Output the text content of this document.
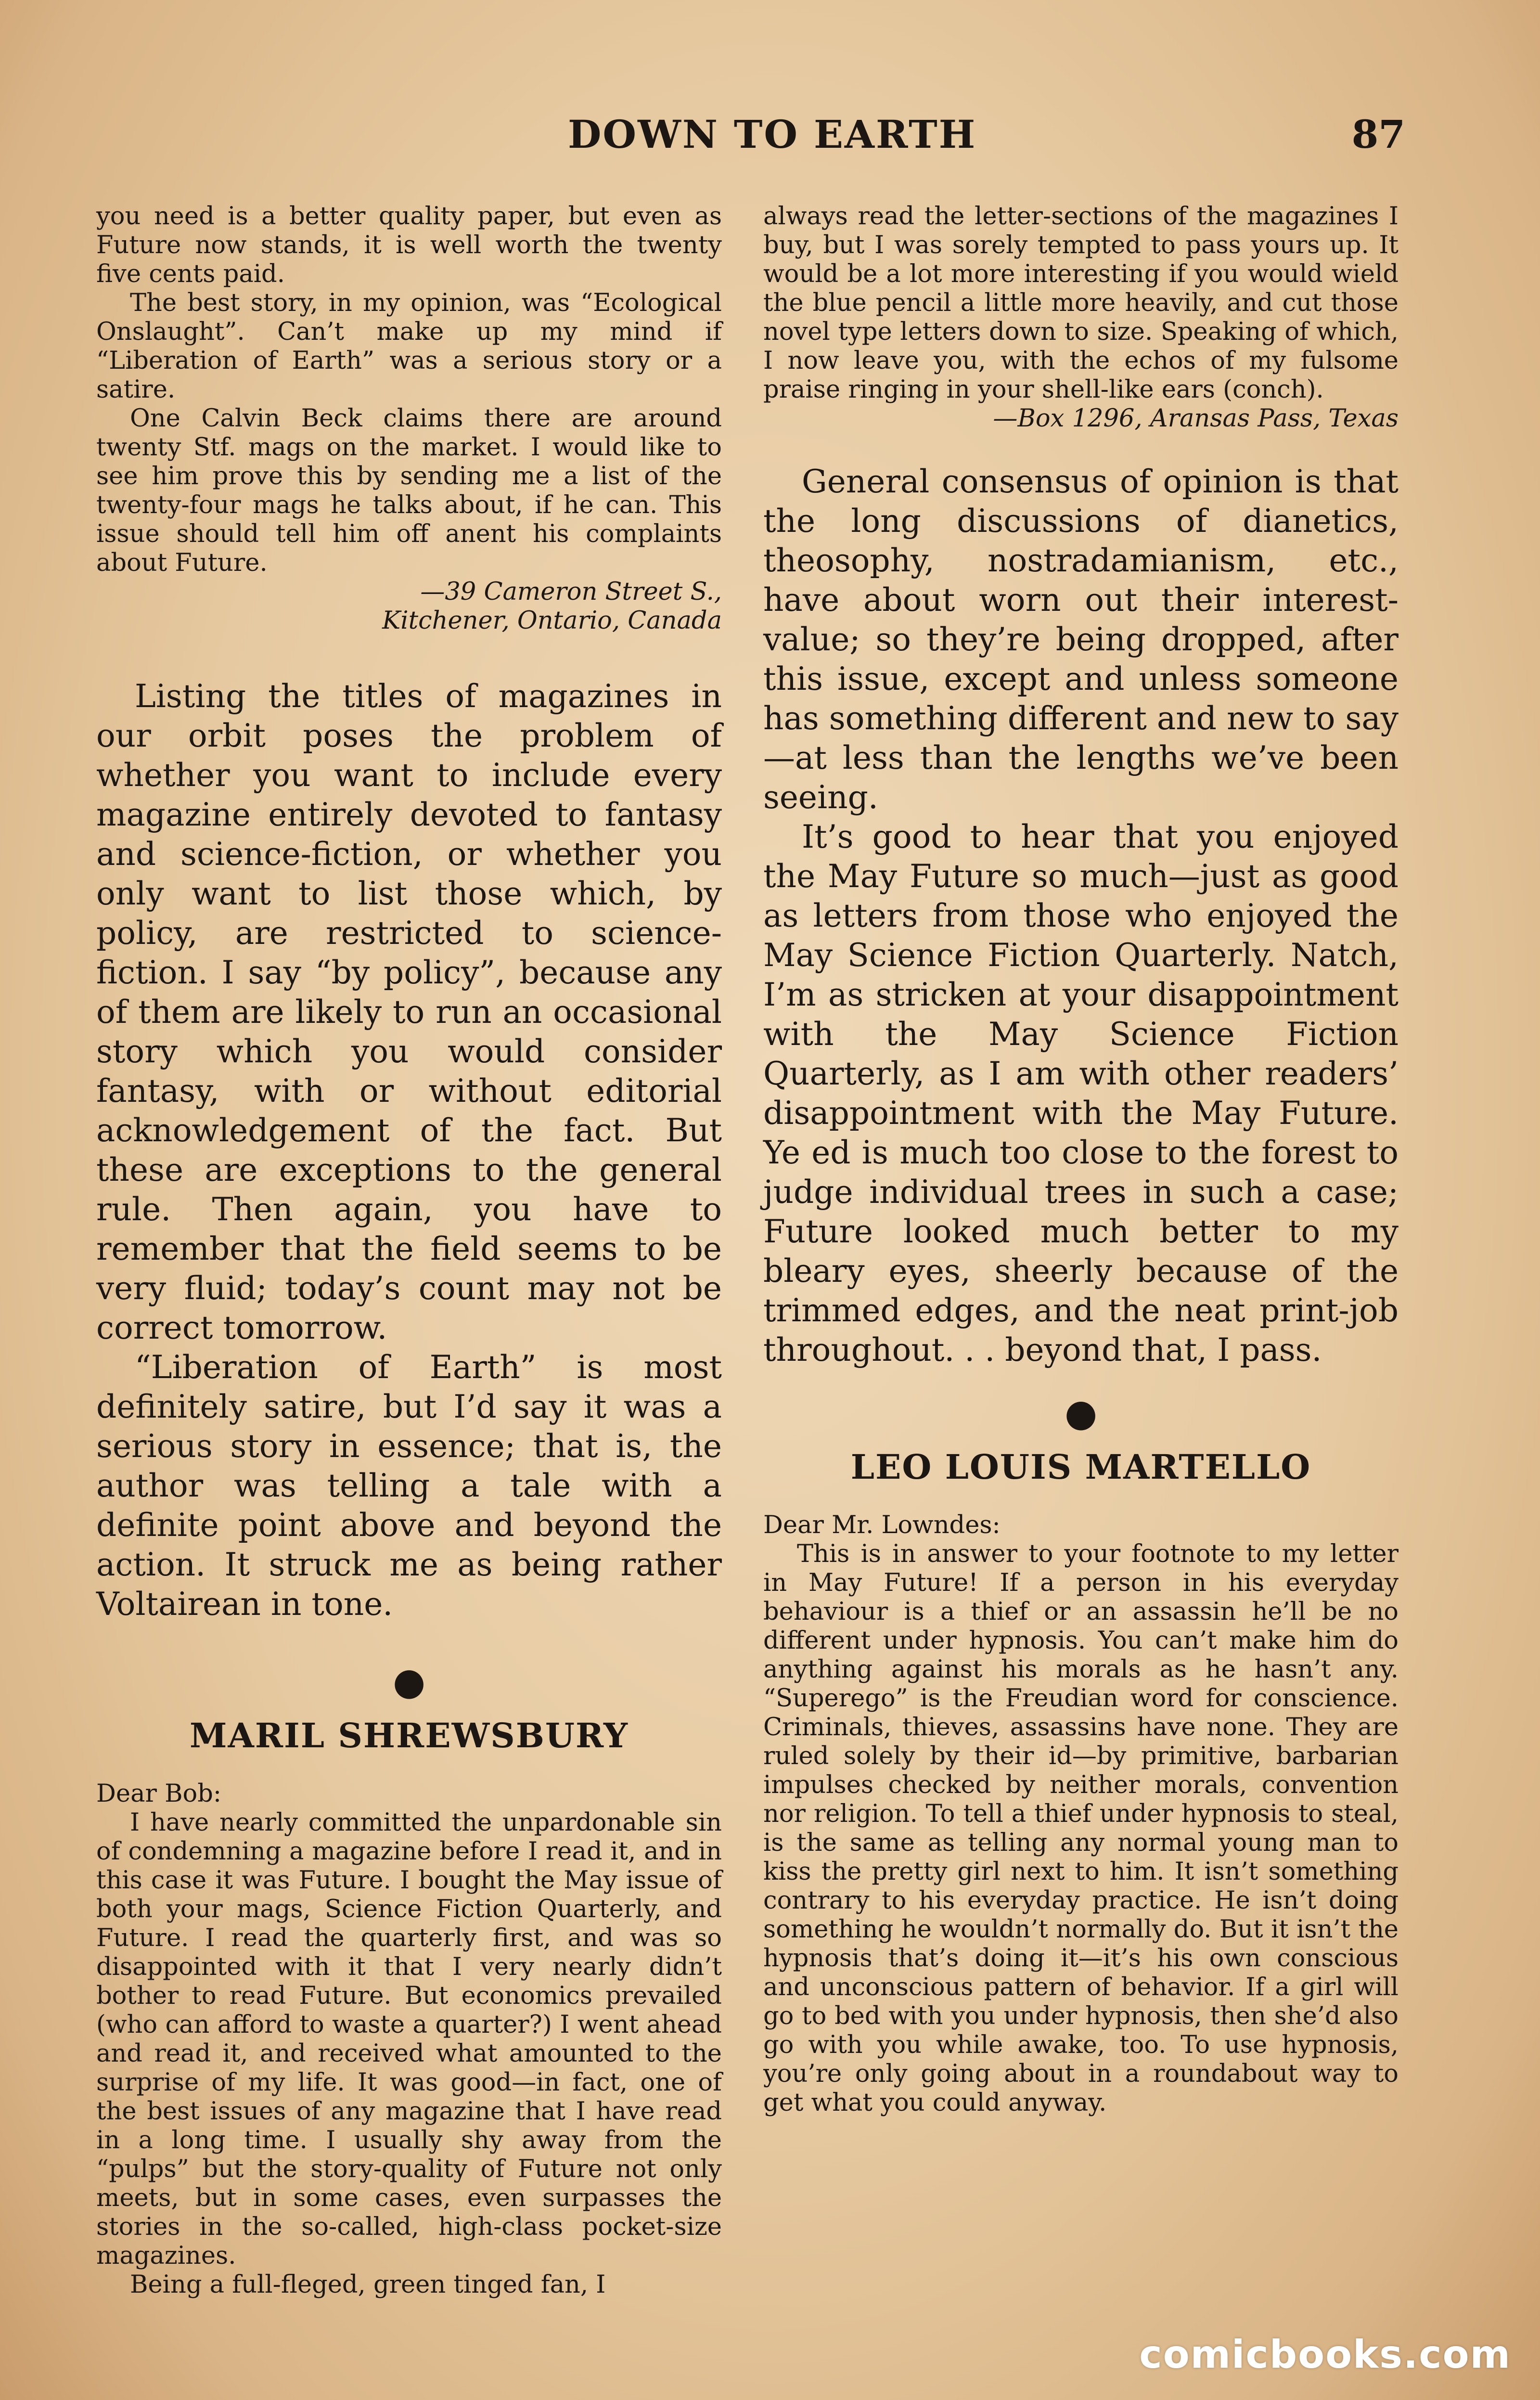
DOWN TO EARTH	87

you need is a better quality paper, but even as Future now stands, it is well worth the twenty five cents paid.

The best story, in my opinion, was “Ecological Onslaught”. Can’t make up my mind if “Liberation of Earth” was a serious story or a satire.

One Calvin Beck claims there are around twenty Stf. mags on the market. I would like to see him prove this by sending me a list of the twenty-four mags he talks about, if he can. This issue should tell him off anent his complaints about Future.

—39 Cameron Street S.,
Kitchener, Ontario, Canada

Listing the titles of magazines in our orbit poses the problem of whether you want to include every magazine entirely devoted to fantasy and science-fiction, or whether you only want to list those which, by policy, are restricted to science-fiction. I say “by policy”, because any of them are likely to run an occasional story which you would consider fantasy, with or without editorial acknowledgement of the fact. But these are exceptions to the general rule. Then again, you have to remember that the field seems to be very fluid; today’s count may not be correct tomorrow.

“Liberation of Earth” is most definitely satire, but I’d say it was a serious story in essence; that is, the author was telling a tale with a definite point above and beyond the action. It struck me as being rather Voltairean in tone.

●
MARIL SHREWSBURY

Dear Bob:

I have nearly committed the unpardonable sin of condemning a magazine before I read it, and in this case it was Future. I bought the May issue of both your mags, Science Fiction Quarterly, and Future. I read the quarterly first, and was so disappointed with it that I very nearly didn’t bother to read Future. But economics prevailed (who can afford to waste a quarter?) I went ahead and read it, and received what amounted to the surprise of my life. It was good—in fact, one of the best issues of any magazine that I have read in a long time. I usually shy away from the “pulps” but the story-quality of Future not only meets, but in some cases, even surpasses the stories in the so-called, high-class pocket-size magazines.

Being a full-fleged, green tinged fan, I

always read the letter-sections of the magazines I buy, but I was sorely tempted to pass yours up. It would be a lot more interesting if you would wield the blue pencil a little more heavily, and cut those novel type letters down to size. Speaking of which, I now leave you, with the echos of my fulsome praise ringing in your shell-like ears (conch).

—Box 1296, Aransas Pass, Texas

General consensus of opinion is that the long discussions of dianetics, theosophy, nostradamianism, etc., have about worn out their interest-value; so they’re being dropped, after this issue, except and unless someone has something different and new to say—at less than the lengths we’ve been seeing.

It’s good to hear that you enjoyed the May Future so much—just as good as letters from those who enjoyed the May Science Fiction Quarterly. Natch, I’m as stricken at your disappointment with the May Science Fiction Quarterly, as I am with other readers’ disappointment with the May Future. Ye ed is much too close to the forest to judge individual trees in such a case; Future looked much better to my bleary eyes, sheerly because of the trimmed edges, and the neat print-job throughout. . . beyond that, I pass.

●
LEO LOUIS MARTELLO

Dear Mr. Lowndes:

This is in answer to your footnote to my letter in May Future! If a person in his everyday behaviour is a thief or an assassin he’ll be no different under hypnosis. You can’t make him do anything against his morals as he hasn’t any. “Superego” is the Freudian word for conscience. Criminals, thieves, assassins have none. They are ruled solely by their id—by primitive, barbarian impulses checked by neither morals, convention nor religion. To tell a thief under hypnosis to steal, is the same as telling any normal young man to kiss the pretty girl next to him. It isn’t something contrary to his everyday practice. He isn’t doing something he wouldn’t normally do. But it isn’t the hypnosis that’s doing it—it’s his own conscious and unconscious pattern of behavior. If a girl will go to bed with you under hypnosis, then she’d also go with you while awake, too. To use hypnosis, you’re only going about in a roundabout way to get what you could anyway.

comicbooks.com
